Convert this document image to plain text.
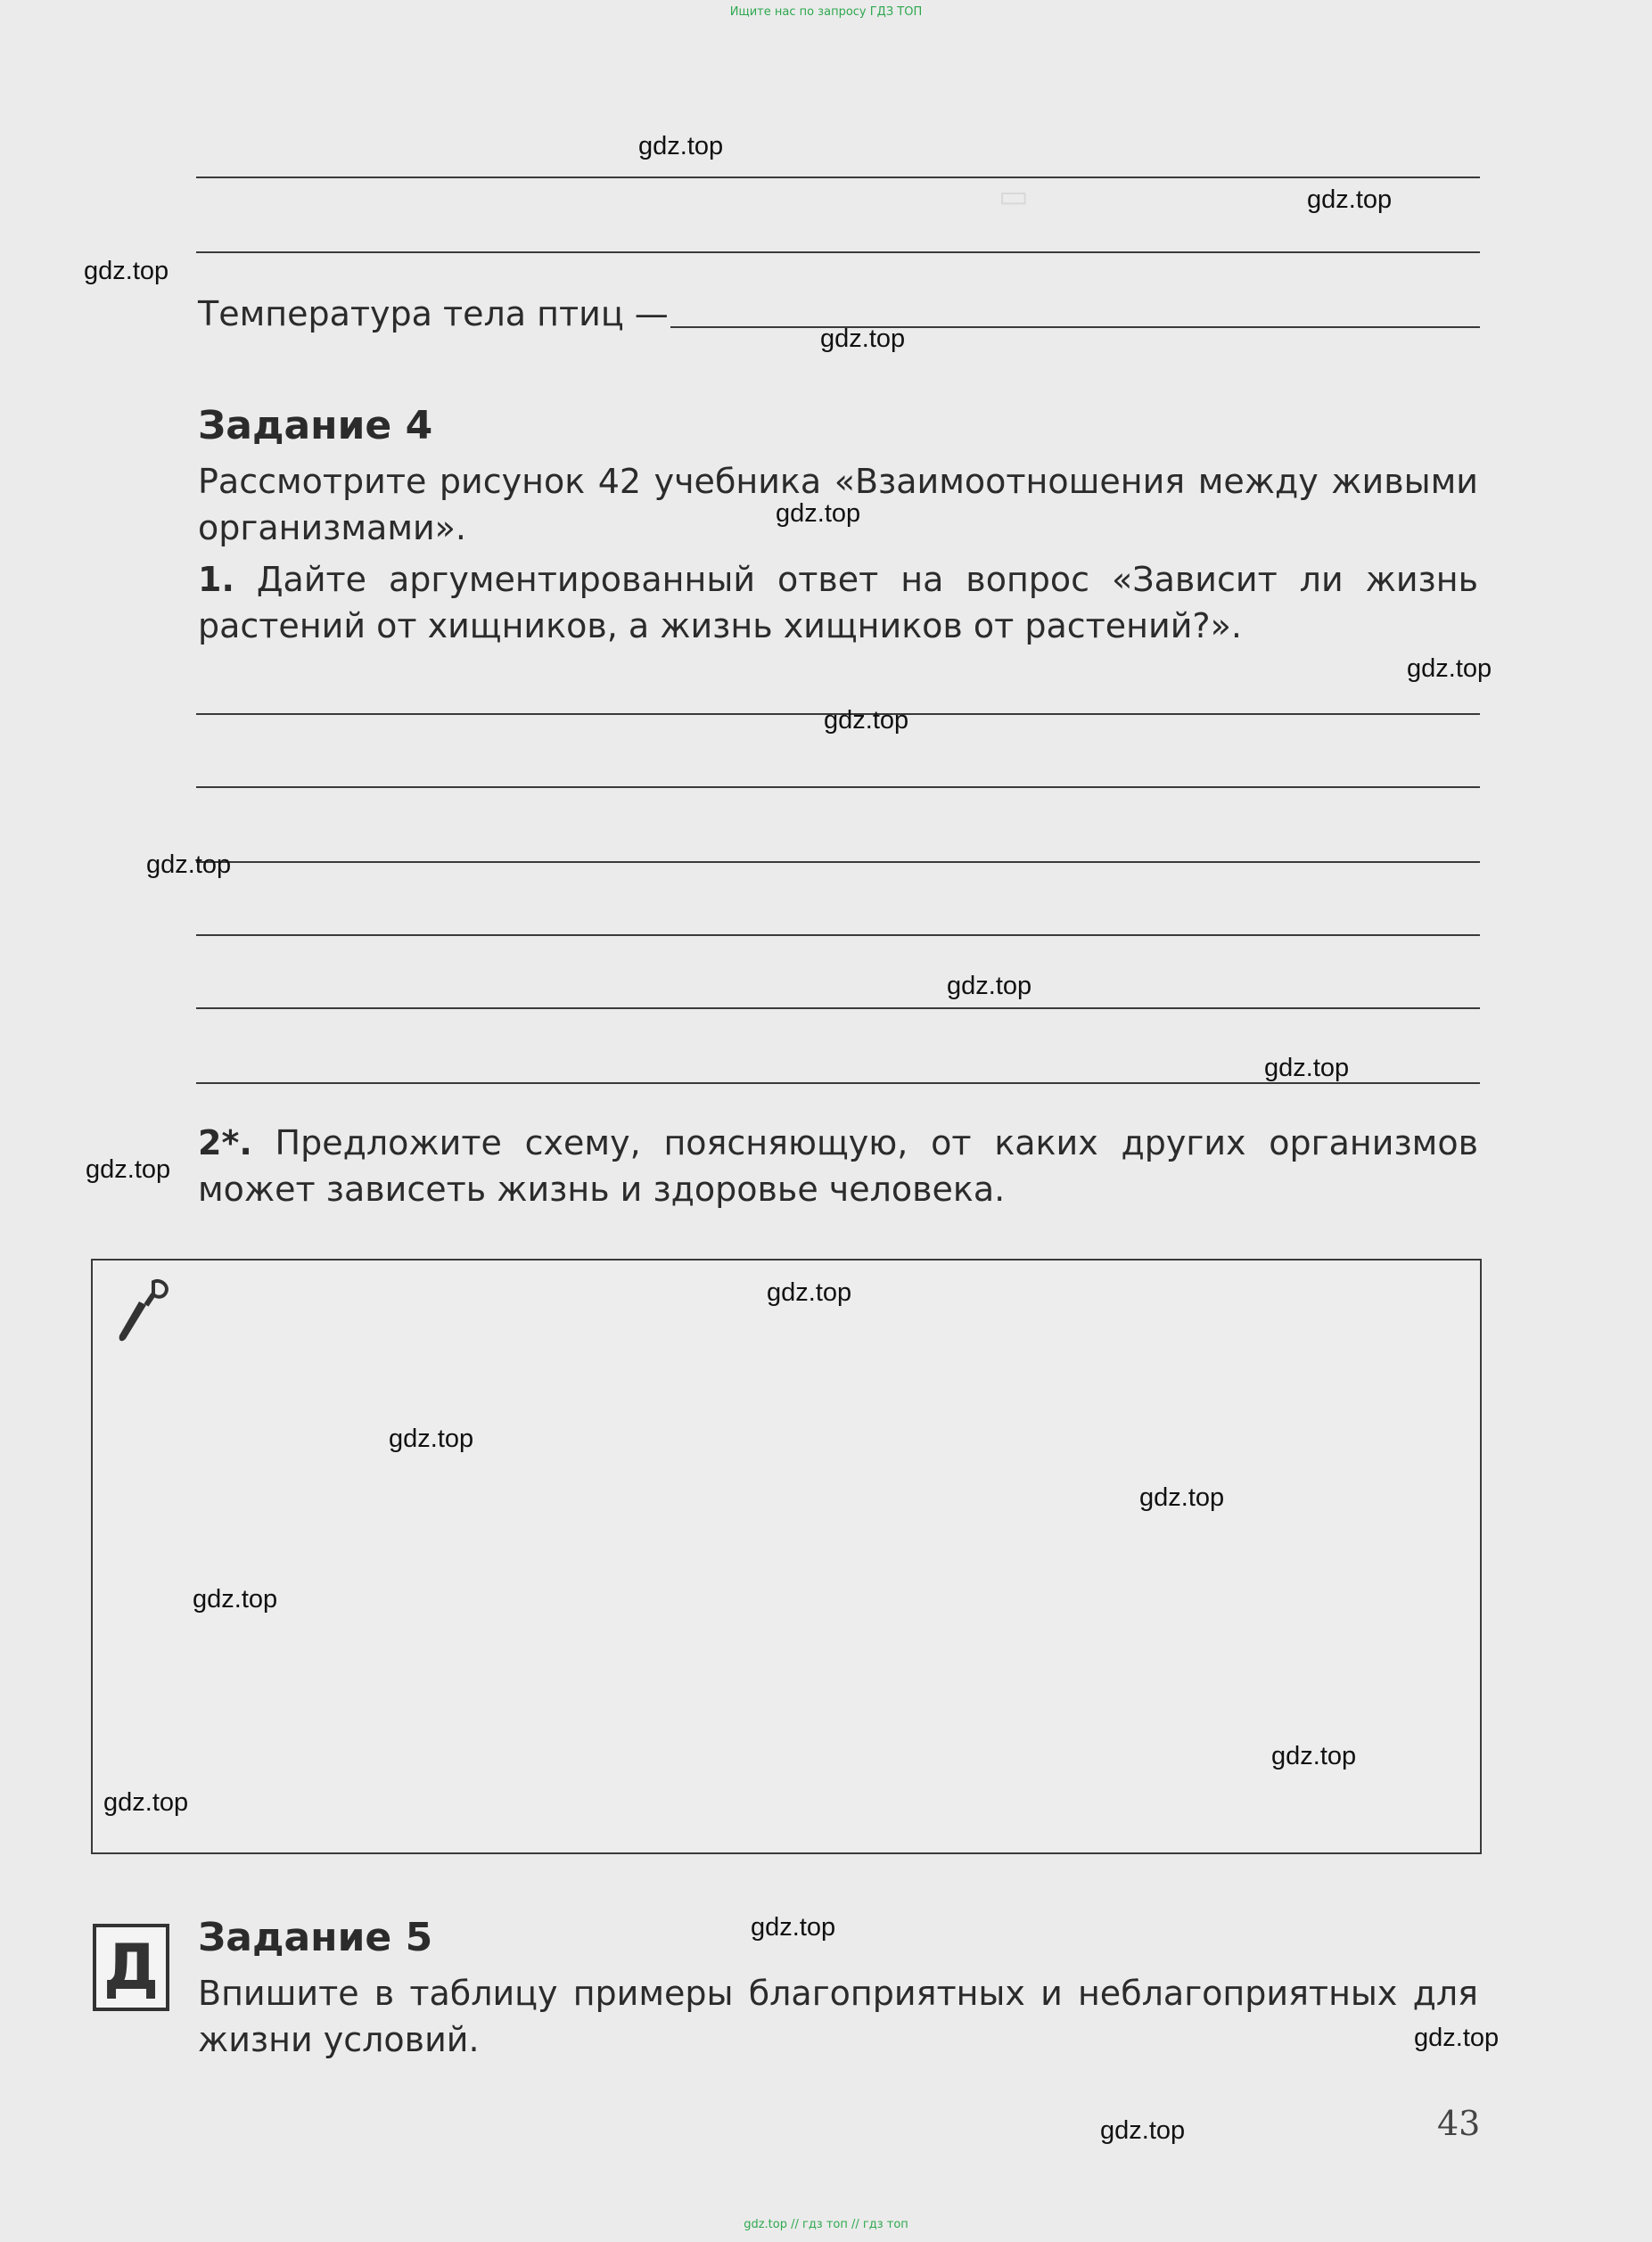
Ищите нас по запросу ГДЗ ТОП
gdz.top // гдз топ // гдз топ
▭
Температура тела птиц —
Задание 4
Рассмотрите рисунок 42 учебника «Взаимоотношения между живыми организмами».
1. Дайте аргументированный ответ на вопрос «Зависит ли жизнь растений от хищников, а жизнь хищников от растений?».
2*. Предложите схему, поясняющую, от каких других организмов может зависеть жизнь и здоровье человека.
Д Задание 5
Впишите в таблицу примеры благоприятных и неблагоприятных для жизни условий.
43
gdz.top
gdz.top
gdz.top
gdz.top
gdz.top
gdz.top
gdz.top
gdz.top
gdz.top
gdz.top
gdz.top
gdz.top
gdz.top
gdz.top
gdz.top
gdz.top
gdz.top
gdz.top
gdz.top
gdz.top
